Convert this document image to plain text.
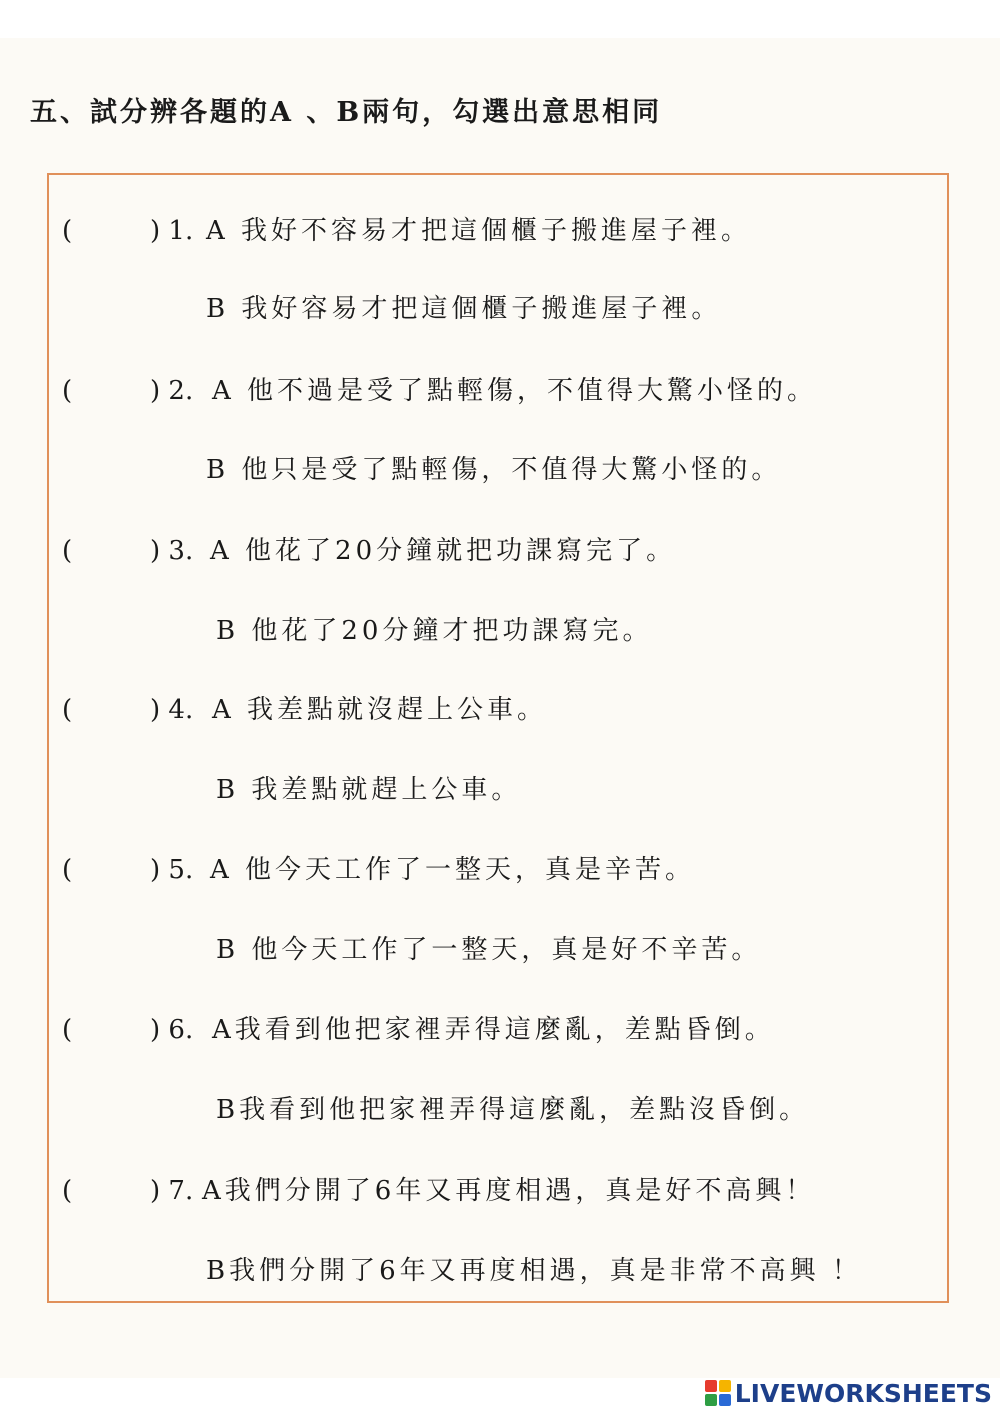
五、試分辨各題的A 、B兩句，勾選出意思相同
(	) 1. A 我好不容易才把這個櫃子搬進屋子裡。
B 我好容易才把這個櫃子搬進屋子裡。
(	) 2. A 他不過是受了點輕傷，不值得大驚小怪的。
B 他只是受了點輕傷，不值得大驚小怪的。
(	) 3. A 他花了20分鐘就把功課寫完了。
B 他花了20分鐘才把功課寫完。
(	) 4. A 我差點就沒趕上公車。
B 我差點就趕上公車。
(	) 5. A 他今天工作了一整天，真是辛苦。
B 他今天工作了一整天，真是好不辛苦。
(	) 6. A我看到他把家裡弄得這麼亂，差點昏倒。
B我看到他把家裡弄得這麼亂，差點沒昏倒。
(	) 7. A我們分開了6年又再度相遇，真是好不高興！
B我們分開了6年又再度相遇，真是非常不高興 ！
LIVEWORKSHEETS
